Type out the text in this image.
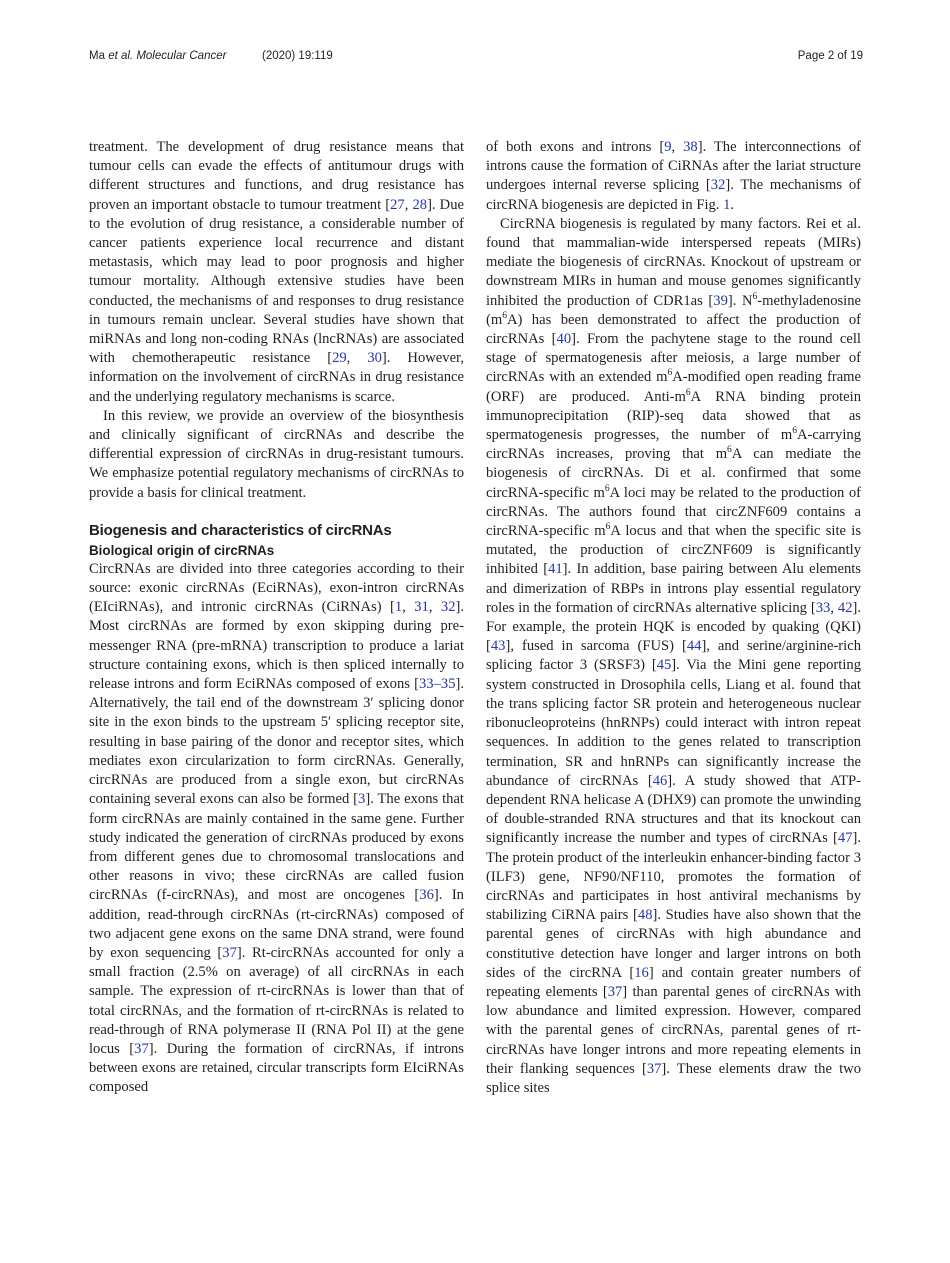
Ma et al. Molecular Cancer	(2020) 19:119	Page 2 of 19

treatment. The development of drug resistance means that tumour cells can evade the effects of antitumour drugs with different structures and functions, and drug resistance has proven an important obstacle to tumour treatment [27, 28]. Due to the evolution of drug resistance, a considerable number of cancer patients experience local recurrence and distant metastasis, which may lead to poor prognosis and higher tumour mortality. Although extensive studies have been conducted, the mechanisms of and responses to drug resistance in tumours remain unclear. Several studies have shown that miRNAs and long non-coding RNAs (lncRNAs) are associated with chemotherapeutic resistance [29, 30]. However, information on the involvement of circRNAs in drug resistance and the underlying regulatory mechanisms is scarce.

In this review, we provide an overview of the biosynthesis and clinically significant of circRNAs and describe the differential expression of circRNAs in drug-resistant tumours. We emphasize potential regulatory mechanisms of circRNAs to provide a basis for clinical treatment.

Biogenesis and characteristics of circRNAs
Biological origin of circRNAs

CircRNAs are divided into three categories according to their source: exonic circRNAs (EciRNAs), exon-intron circRNAs (EIciRNAs), and intronic circRNAs (CiRNAs) [1, 31, 32]. Most circRNAs are formed by exon skipping during pre-messenger RNA (pre-mRNA) transcription to produce a lariat structure containing exons, which is then spliced internally to release introns and form EciRNAs composed of exons [33–35]. Alternatively, the tail end of the downstream 3′ splicing donor site in the exon binds to the upstream 5′ splicing receptor site, resulting in base pairing of the donor and receptor sites, which mediates exon circularization to form circRNAs. Generally, circRNAs are produced from a single exon, but circRNAs containing several exons can also be formed [3]. The exons that form circRNAs are mainly contained in the same gene. Further study indicated the generation of circRNAs produced by exons from different genes due to chromosomal translocations and other reasons in vivo; these circRNAs are called fusion circRNAs (f-circRNAs), and most are oncogenes [36]. In addition, read-through circRNAs (rt-circRNAs) composed of two adjacent gene exons on the same DNA strand, were found by exon sequencing [37]. Rt-circRNAs accounted for only a small fraction (2.5% on average) of all circRNAs in each sample. The expression of rt-circRNAs is lower than that of total circRNAs, and the formation of rt-circRNAs is related to read-through of RNA polymerase II (RNA Pol II) at the gene locus [37]. During the formation of circRNAs, if introns between exons are retained, circular transcripts form EIciRNAs composed

of both exons and introns [9, 38]. The interconnections of introns cause the formation of CiRNAs after the lariat structure undergoes internal reverse splicing [32]. The mechanisms of circRNA biogenesis are depicted in Fig. 1.

CircRNA biogenesis is regulated by many factors. Rei et al. found that mammalian-wide interspersed repeats (MIRs) mediate the biogenesis of circRNAs. Knockout of upstream or downstream MIRs in human and mouse genomes significantly inhibited the production of CDR1as [39]. $N^6$-methyladenosine $(m^6A)$ has been demonstrated to affect the production of circRNAs [40]. From the pachytene stage to the round cell stage of spermatogenesis after meiosis, a large number of circRNAs with an extended $m^6A$-modified open reading frame (ORF) are produced. Anti-$m^6A$ RNA binding protein immunoprecipitation (RIP)-seq data showed that as spermatogenesis progresses, the number of $m^6A$-carrying circRNAs increases, proving that $m^6A$ can mediate the biogenesis of circRNAs. Di et al. confirmed that some circRNA-specific $m^6A$ loci may be related to the production of circRNAs. The authors found that circZNF609 contains a circRNA-specific $m^6A$ locus and that when the specific site is mutated, the production of circZNF609 is significantly inhibited [41]. In addition, base pairing between Alu elements and dimerization of RBPs in introns play essential regulatory roles in the formation of circRNAs alternative splicing [33, 42]. For example, the protein HQK is encoded by quaking (QKI) [43], fused in sarcoma (FUS) [44], and serine/arginine-rich splicing factor 3 (SRSF3) [45]. Via the Mini gene reporting system constructed in Drosophila cells, Liang et al. found that the trans splicing factor SR protein and heterogeneous nuclear ribonucleoproteins (hnRNPs) could interact with intron repeat sequences. In addition to the genes related to transcription termination, SR and hnRNPs can significantly increase the abundance of circRNAs [46]. A study showed that ATP-dependent RNA helicase A (DHX9) can promote the unwinding of double-stranded RNA structures and that its knockout can significantly increase the number and types of circRNAs [47]. The protein product of the interleukin enhancer-binding factor 3 (ILF3) gene, NF90/NF110, promotes the formation of circRNAs and participates in host antiviral mechanisms by stabilizing CiRNA pairs [48]. Studies have also shown that the parental genes of circRNAs with high abundance and constitutive detection have longer and larger introns on both sides of the circRNA [16] and contain greater numbers of repeating elements [37] than parental genes of circRNAs with low abundance and limited expression. However, compared with the parental genes of circRNAs, parental genes of rt-circRNAs have longer introns and more repeating elements in their flanking sequences [37]. These elements draw the two splice sites
